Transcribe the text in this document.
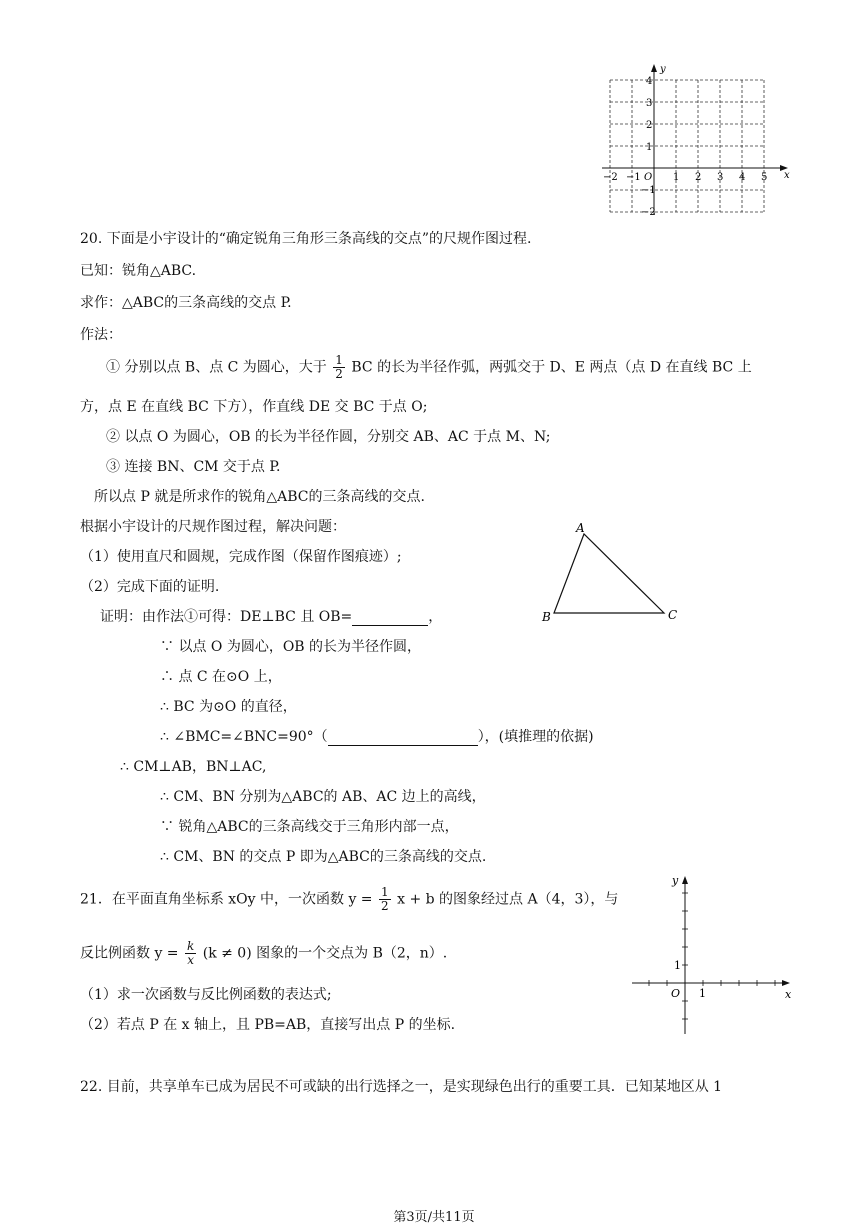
x
y
O
−2 −1	1 2 3 4 5
4
3
2
1
−1
−2
20. 下面是小宇设计的“确定锐角三角形三条高线的交点”的尺规作图过程.
已知：锐角△ABC.
求作：△ABC的三条高线的交点 P.
作法：
① 分别以点 B、点 C 为圆心，大于 $\frac{1}{2}$ BC 的长为半径作弧，两弧交于 D、E 两点（点 D 在直线 BC 上
方，点 E 在直线 BC 下方），作直线 DE 交 BC 于点 O;
② 以点 O 为圆心，OB 的长为半径作圆，分别交 AB、AC 于点 M、N;
③ 连接 BN、CM 交于点 P.
所以点 P 就是所求作的锐角△ABC的三条高线的交点.
根据小宇设计的尺规作图过程，解决问题：
（1）使用直尺和圆规，完成作图（保留作图痕迹）;
（2）完成下面的证明.
证明：由作法①可得：DE⊥BC 且 OB=	，
∵ 以点 O 为圆心，OB 的长为半径作圆，
∴ 点 C 在⊙O 上，
∴ BC 为⊙O 的直径，
∴ ∠BMC=∠BNC=90°（	），(填推理的依据)
∴ CM⊥AB，BN⊥AC,
∴ CM、BN 分别为△ABC的 AB、AC 边上的高线，
∵ 锐角△ABC的三条高线交于三角形内部一点，
∴ CM、BN 的交点 P 即为△ABC的三条高线的交点.
A
B	C
21．在平面直角坐标系 xOy 中，一次函数 $y = \frac{1}{2}$ x + b 的图象经过点 A（4，3），与
反比例函数 $y = \frac{k}{x} (k \ne 0)$ 图象的一个交点为 B（2，n）.
（1）求一次函数与反比例函数的表达式;
（2）若点 P 在 x 轴上，且 PB=AB，直接写出点 P 的坐标.
x
y
O 1
1
22. 目前，共享单车已成为居民不可或缺的出行选择之一，是实现绿色出行的重要工具．已知某地区从 1
第3页/共11页
